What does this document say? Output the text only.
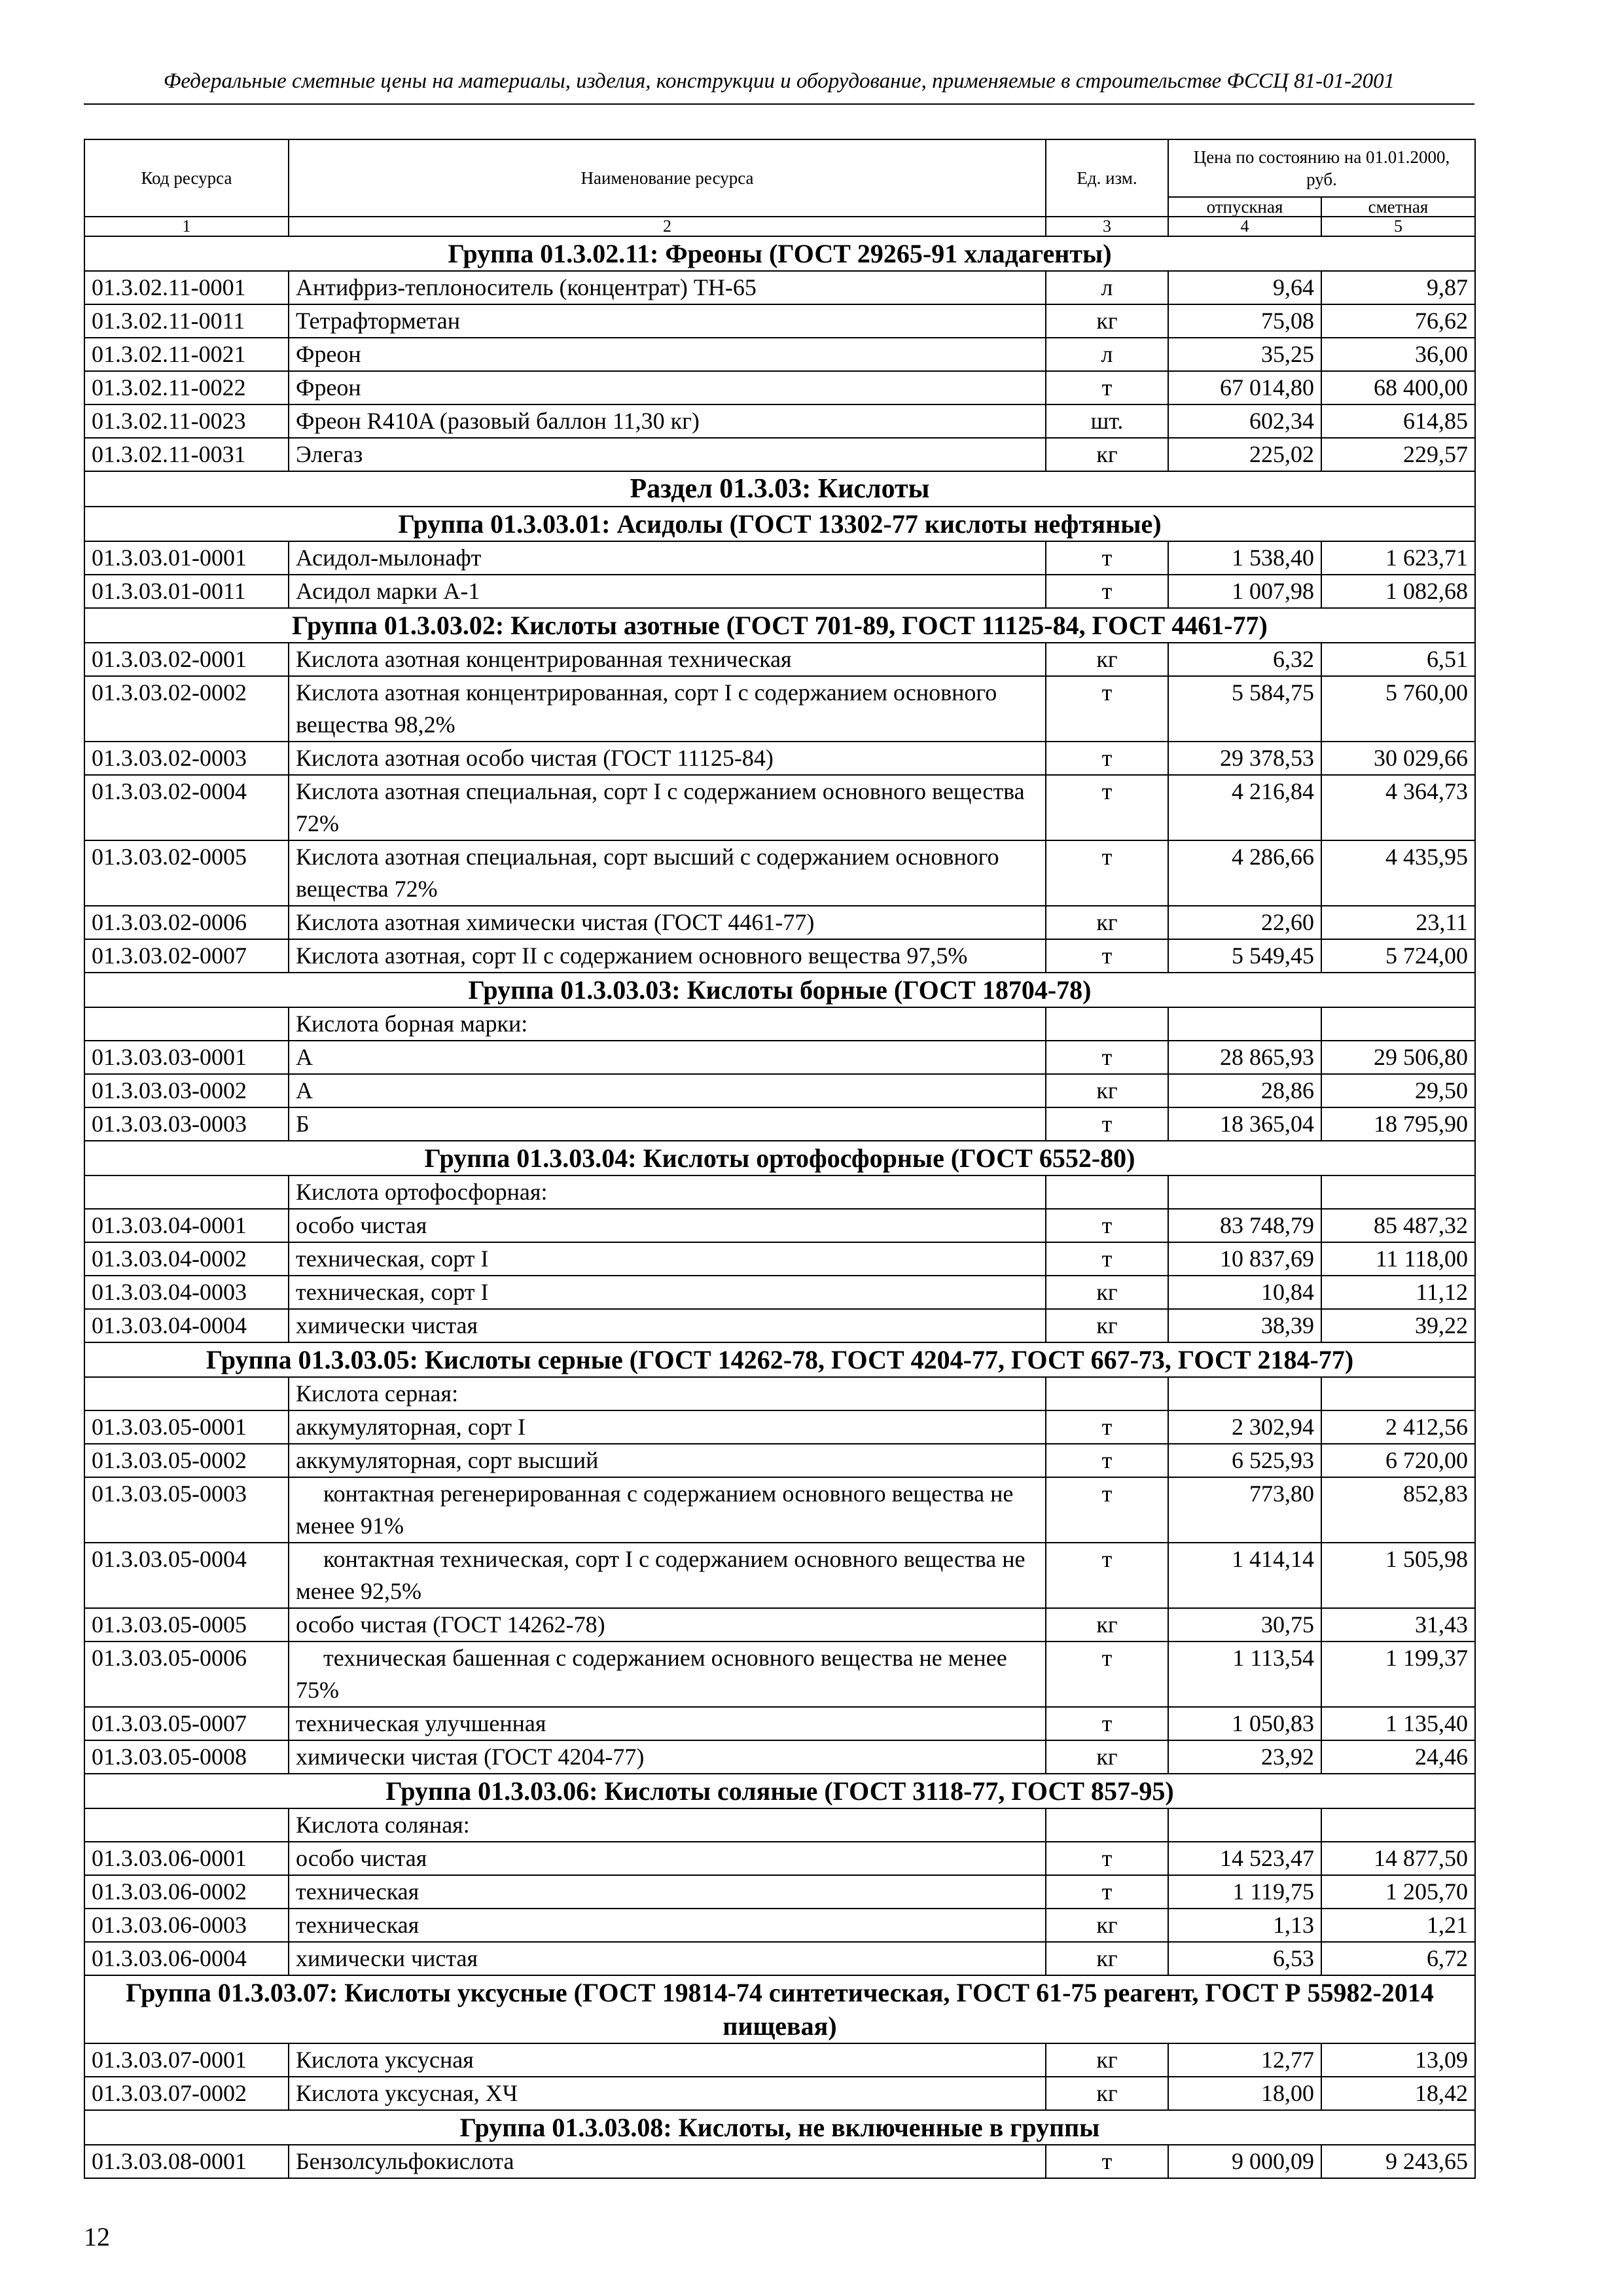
Федеральные сметные цены на материалы, изделия, конструкции и оборудование, применяемые в строительстве ФССЦ 81-01-2001
Код ресурса	Наименование ресурса	Ед. изм.	Цена по состоянию на 01.01.2000, руб.	
			отпускная	сметная
1	2	3	4	5
Группа 01.3.02.11: Фреоны (ГОСТ 29265-91 хладагенты)				
01.3.02.11-0001	Антифриз-теплоноситель (концентрат) ТН-65	л	9,64	9,87
01.3.02.11-0011	Тетрафторметан	кг	75,08	76,62
01.3.02.11-0021	Фреон	л	35,25	36,00
01.3.02.11-0022	Фреон	т	67 014,80	68 400,00
01.3.02.11-0023	Фреон R410A (разовый баллон 11,30 кг)	шт.	602,34	614,85
01.3.02.11-0031	Элегаз	кг	225,02	229,57
Раздел 01.3.03: Кислоты				
Группа 01.3.03.01: Асидолы (ГОСТ 13302-77 кислоты нефтяные)				
01.3.03.01-0001	Асидол-мылонафт	т	1 538,40	1 623,71
01.3.03.01-0011	Асидол марки А-1	т	1 007,98	1 082,68
Группа 01.3.03.02: Кислоты азотные (ГОСТ 701-89, ГОСТ 11125-84, ГОСТ 4461-77)				
01.3.03.02-0001	Кислота азотная концентрированная техническая	кг	6,32	6,51
01.3.03.02-0002	Кислота азотная концентрированная, сорт I с содержанием основного вещества 98,2%	т	5 584,75	5 760,00
01.3.03.02-0003	Кислота азотная особо чистая (ГОСТ 11125-84)	т	29 378,53	30 029,66
01.3.03.02-0004	Кислота азотная специальная, сорт I с содержанием основного вещества 72%	т	4 216,84	4 364,73
01.3.03.02-0005	Кислота азотная специальная, сорт высший с содержанием основного вещества 72%	т	4 286,66	4 435,95
01.3.03.02-0006	Кислота азотная химически чистая (ГОСТ 4461-77)	кг	22,60	23,11
01.3.03.02-0007	Кислота азотная, сорт II с содержанием основного вещества 97,5%	т	5 549,45	5 724,00
Группа 01.3.03.03: Кислоты борные (ГОСТ 18704-78)				
	Кислота борная марки:			
01.3.03.03-0001	А	т	28 865,93	29 506,80
01.3.03.03-0002	А	кг	28,86	29,50
01.3.03.03-0003	Б	т	18 365,04	18 795,90
Группа 01.3.03.04: Кислоты ортофосфорные (ГОСТ 6552-80)				
	Кислота ортофосфорная:			
01.3.03.04-0001	особо чистая	т	83 748,79	85 487,32
01.3.03.04-0002	техническая, сорт I	т	10 837,69	11 118,00
01.3.03.04-0003	техническая, сорт I	кг	10,84	11,12
01.3.03.04-0004	химически чистая	кг	38,39	39,22
Группа 01.3.03.05: Кислоты серные (ГОСТ 14262-78, ГОСТ 4204-77, ГОСТ 667-73, ГОСТ 2184-77)				
	Кислота серная:			
01.3.03.05-0001	аккумуляторная, сорт I	т	2 302,94	2 412,56
01.3.03.05-0002	аккумуляторная, сорт высший	т	6 525,93	6 720,00
01.3.03.05-0003	контактная регенерированная с содержанием основного вещества не менее 91%	т	773,80	852,83
01.3.03.05-0004	контактная техническая, сорт I с содержанием основного вещества не менее 92,5%	т	1 414,14	1 505,98
01.3.03.05-0005	особо чистая (ГОСТ 14262-78)	кг	30,75	31,43
01.3.03.05-0006	техническая башенная с содержанием основного вещества не менее 75%	т	1 113,54	1 199,37
01.3.03.05-0007	техническая улучшенная	т	1 050,83	1 135,40
01.3.03.05-0008	химически чистая (ГОСТ 4204-77)	кг	23,92	24,46
Группа 01.3.03.06: Кислоты соляные (ГОСТ 3118-77, ГОСТ 857-95)				
	Кислота соляная:			
01.3.03.06-0001	особо чистая	т	14 523,47	14 877,50
01.3.03.06-0002	техническая	т	1 119,75	1 205,70
01.3.03.06-0003	техническая	кг	1,13	1,21
01.3.03.06-0004	химически чистая	кг	6,53	6,72
Группа 01.3.03.07: Кислоты уксусные (ГОСТ 19814-74 синтетическая, ГОСТ 61-75 реагент, ГОСТ Р 55982-2014 пищевая)				
01.3.03.07-0001	Кислота уксусная	кг	12,77	13,09
01.3.03.07-0002	Кислота уксусная, ХЧ	кг	18,00	18,42
Группа 01.3.03.08: Кислоты, не включенные в группы				
01.3.03.08-0001	Бензолсульфокислота	т	9 000,09	9 243,65
12
